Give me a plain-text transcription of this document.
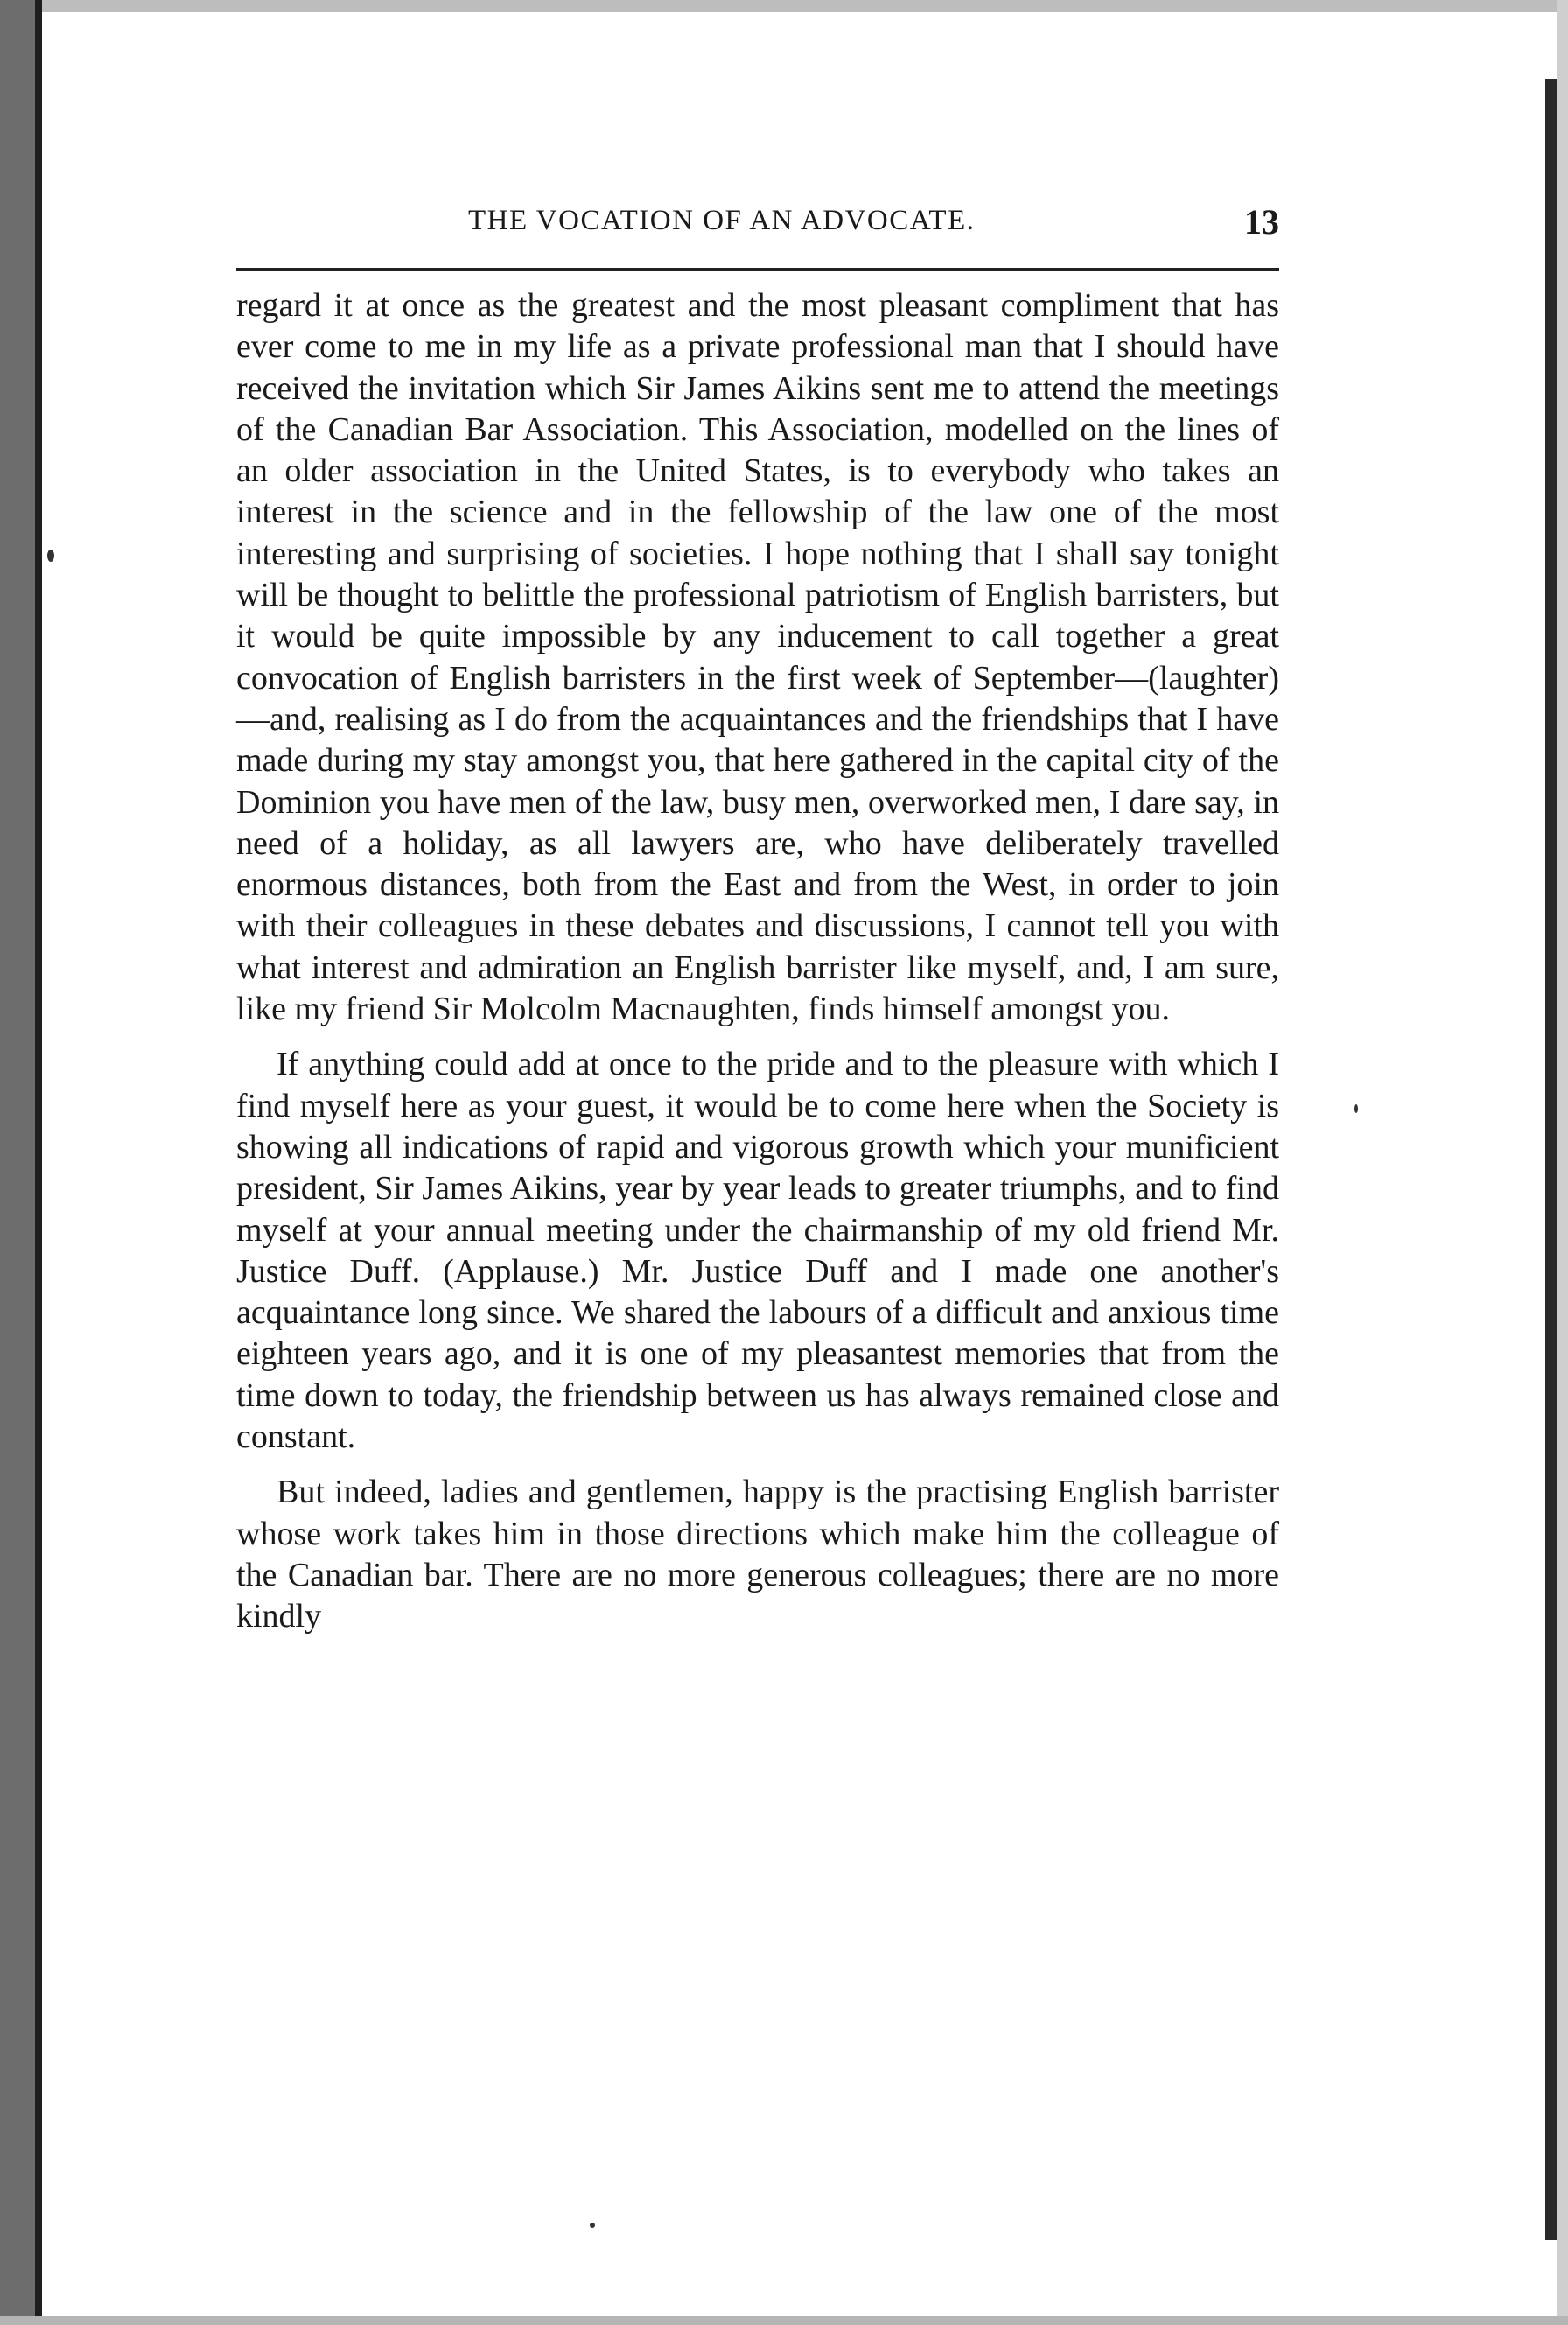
THE VOCATION OF AN ADVOCATE.	13

regard it at once as the greatest and the most pleasant compliment that has ever come to me in my life as a private professional man that I should have received the invitation which Sir James Aikins sent me to attend the meetings of the Canadian Bar Association. This Association, modelled on the lines of an older association in the United States, is to everybody who takes an interest in the science and in the fellowship of the law one of the most interesting and surprising of societies. I hope nothing that I shall say tonight will be thought to belittle the professional patriotism of English barristers, but it would be quite impossible by any inducement to call together a great convocation of English barristers in the first week of September—(laughter)—and, realising as I do from the acquaintances and the friendships that I have made during my stay amongst you, that here gathered in the capital city of the Dominion you have men of the law, busy men, overworked men, I dare say, in need of a holiday, as all lawyers are, who have deliberately travelled enormous distances, both from the East and from the West, in order to join with their colleagues in these debates and discussions, I cannot tell you with what interest and admiration an English barrister like myself, and, I am sure, like my friend Sir Molcolm Macnaughten, finds himself amongst you.

If anything could add at once to the pride and to the pleasure with which I find myself here as your guest, it would be to come here when the Society is showing all indications of rapid and vigorous growth which your munificient president, Sir James Aikins, year by year leads to greater triumphs, and to find myself at your annual meeting under the chairmanship of my old friend Mr. Justice Duff. (Applause.) Mr. Justice Duff and I made one another's acquaintance long since. We shared the labours of a difficult and anxious time eighteen years ago, and it is one of my pleasantest memories that from the time down to today, the friendship between us has always remained close and constant.

But indeed, ladies and gentlemen, happy is the practising English barrister whose work takes him in those directions which make him the colleague of the Canadian bar. There are no more generous colleagues; there are no more kindly
